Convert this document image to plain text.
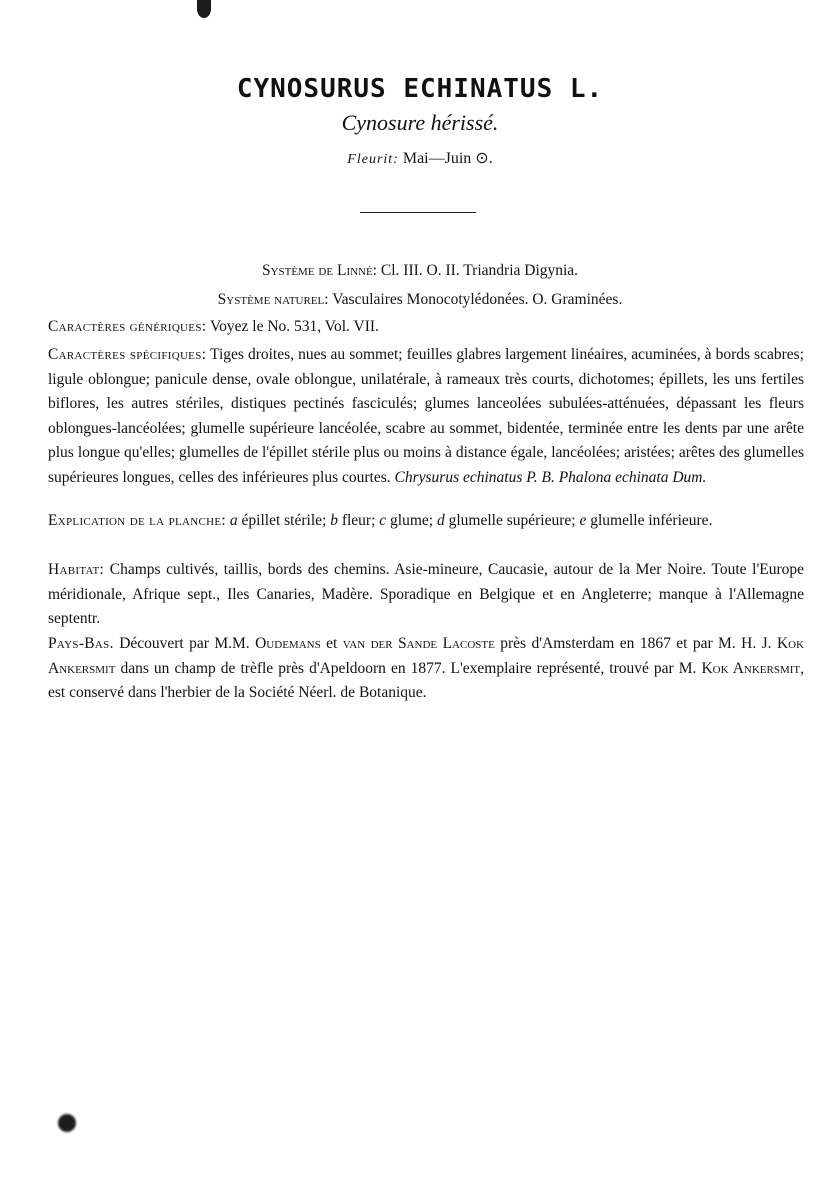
CYNOSURUS ECHINATUS L.
Cynosure hérissé.
Fleurit: Mai—Juin ⊙.
Système de Linné: Cl. III. O. II. Triandria Digynia.
Système naturel: Vasculaires Monocotylédonées. O. Graminées.
Caractères génériques: Voyez le No. 531, Vol. VII.
Caractères spécifiques: Tiges droites, nues au sommet; feuilles glabres largement linéaires, acuminées, à bords scabres; ligule oblongue; panicule dense, ovale oblongue, unilatérale, à rameaux très courts, dichotomes; épillets, les uns fertiles biflores, les autres stériles, distiques pectinés fasciculés; glumes lanceolées subulées-atténuées, dépassant les fleurs oblongues-lancéolées; glumelle supérieure lancéolée, scabre au sommet, bidentée, terminée entre les dents par une arête plus longue qu'elles; glumelles de l'épillet stérile plus ou moins à distance égale, lancéolées; aristées; arêtes des glumelles supérieures longues, celles des inférieures plus courtes. Chrysurus echinatus P. B. Phalona echinata Dum.
Explication de la planche: a épillet stérile; b fleur; c glume; d glumelle supérieure; e glumelle inférieure.
Habitat: Champs cultivés, taillis, bords des chemins. Asie-mineure, Caucasie, autour de la Mer Noire. Toute l'Europe méridionale, Afrique sept., Iles Canaries, Madère. Sporadique en Belgique et en Angleterre; manque à l'Allemagne septentr.
Pays-Bas. Découvert par M.M. Oudemans et van der Sande Lacoste près d'Amsterdam en 1867 et par M. H. J. Kok Ankersmit dans un champ de trèfle près d'Apeldoorn en 1877. L'exemplaire représenté, trouvé par M. Kok Ankersmit, est conservé dans l'herbier de la Société Néerl. de Botanique.
